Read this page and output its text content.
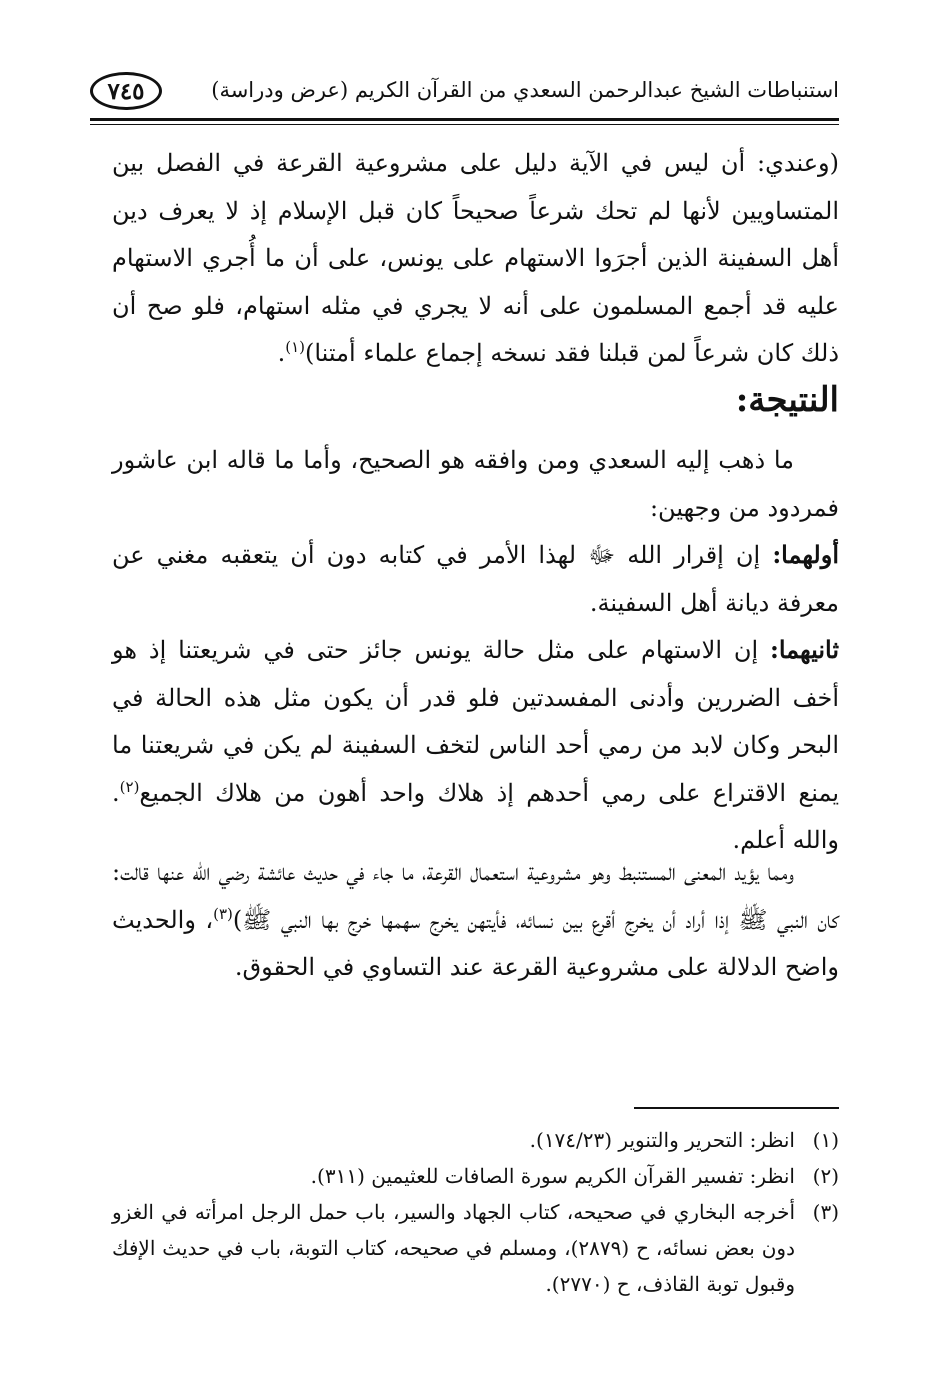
استنباطات الشيخ عبدالرحمن السعدي من القرآن الكريم (عرض ودراسة)
٧٤٥
(وعندي: أن ليس في الآية دليل على مشروعية القرعة في الفصل بين المتساويين لأنها لم تحك شرعاً صحيحاً كان قبل الإسلام إذ لا يعرف دين أهل السفينة الذين أجرَوا الاستهام على يونس، على أن ما أُجري الاستهام عليه قد أجمع المسلمون على أنه لا يجري في مثله استهام، فلو صح أن ذلك كان شرعاً لمن قبلنا فقد نسخه إجماع علماء أمتنا)$^{(١)}$.
النتيجة:
ما ذهب إليه السعدي ومن وافقه هو الصحيح، وأما ما قاله ابن عاشور فمردود من وجهين:
أولهما: إن إقرار الله ﷻ لهذا الأمر في كتابه دون أن يتعقبه مغني عن معرفة ديانة أهل السفينة.
ثانيهما: إن الاستهام على مثل حالة يونس جائز حتى في شريعتنا إذ هو أخف الضررين وأدنى المفسدتين فلو قدر أن يكون مثل هذه الحالة في البحر وكان لابد من رمي أحد الناس لتخف السفينة لم يكن في شريعتنا ما يمنع الاقتراع على رمي أحدهم إذ هلاك واحد أهون من هلاك الجميع$^{(٢)}$. والله أعلم.
ومما يؤيد المعنى المستنبط وهو مشروعية استعمال القرعة، ما جاء في حديث عائشة رضي الله عنها قالت: كان النبي ﷺ إذا أراد أن يخرج أقرع بين نسائه، فأيتهن يخرج سهمها خرج بها النبي ﷺ)$^{(٣)}$، والحديث واضح الدلالة على مشروعية القرعة عند التساوي في الحقوق.
(١)
انظر: التحرير والتنوير (١٧٤/٢٣).
(٢)
انظر: تفسير القرآن الكريم سورة الصافات للعثيمين (٣١١).
(٣)
أخرجه البخاري في صحيحه، كتاب الجهاد والسير، باب حمل الرجل امرأته في الغزو دون بعض نسائه، ح (٢٨٧٩)، ومسلم في صحيحه، كتاب التوبة، باب في حديث الإفك وقبول توبة القاذف، ح (٢٧٧٠).
